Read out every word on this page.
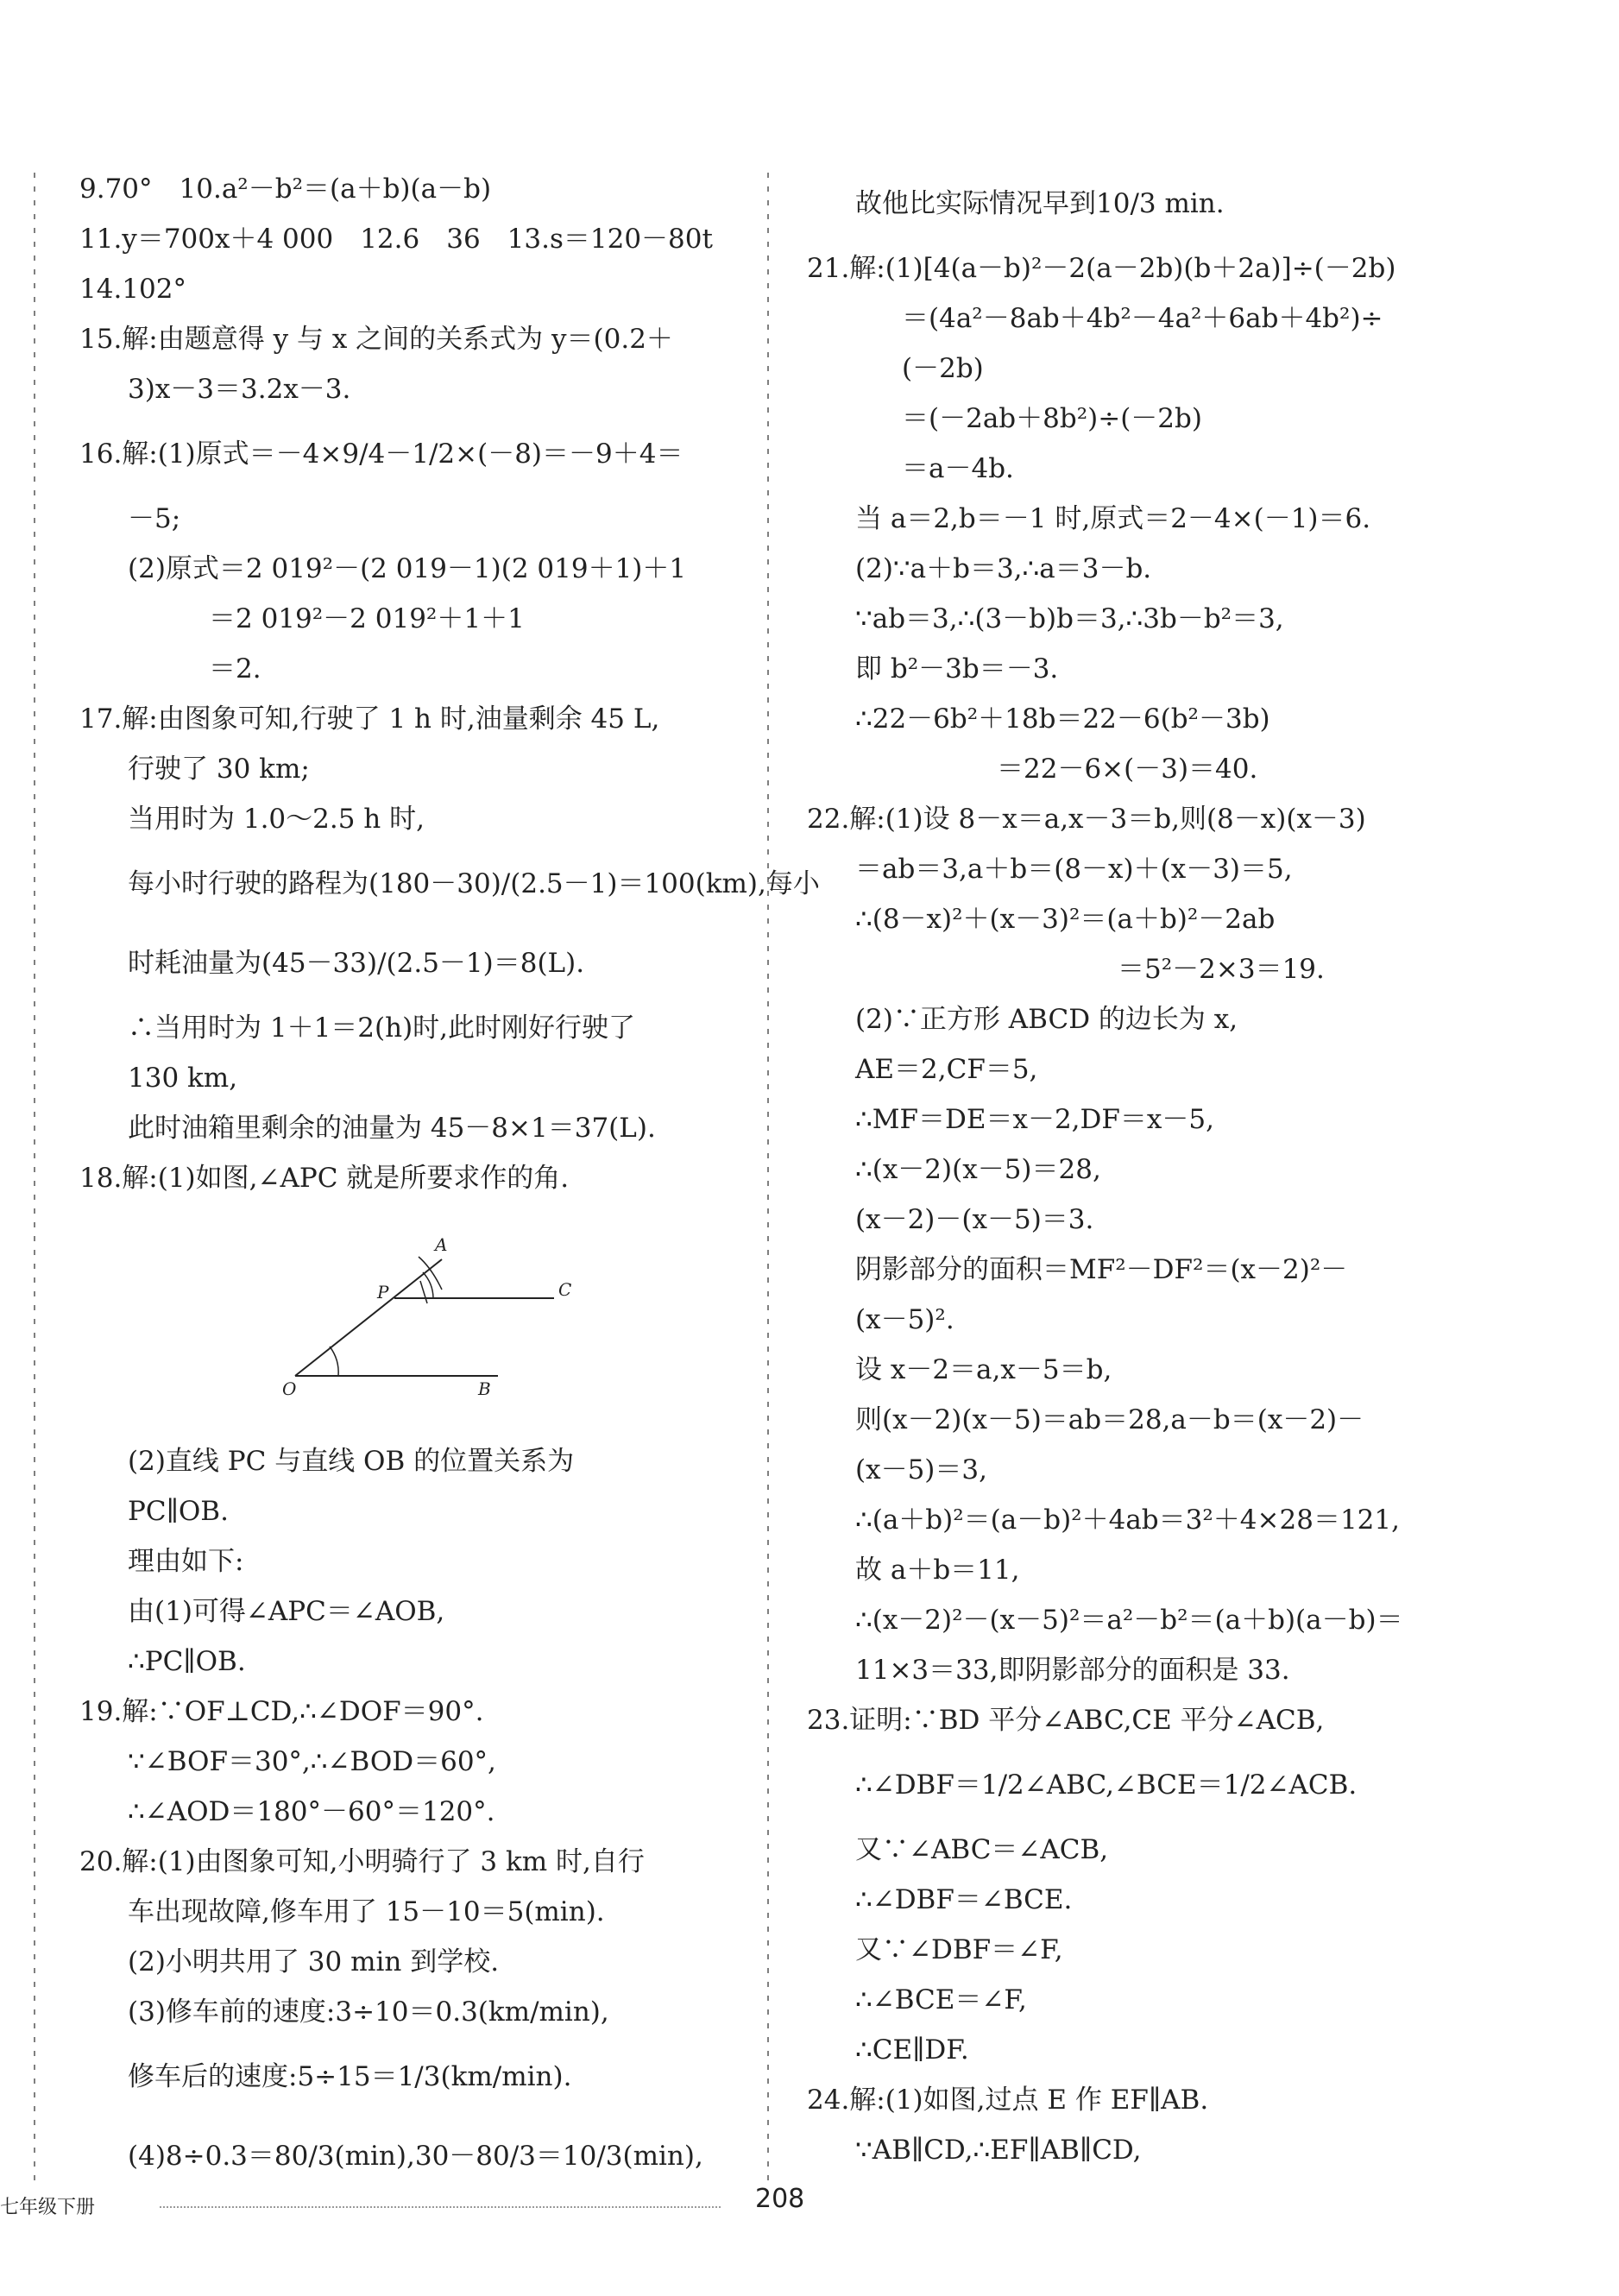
9.70°　10.a²－b²＝(a＋b)(a－b)
11.y＝700x＋4 000　12.6　36　13.s＝120－80t
14.102°
15.解:由题意得 y 与 x 之间的关系式为 y＝(0.2＋
3)x－3＝3.2x－3.
16.解:(1)原式＝－4×9/4－1/2×(－8)＝－9＋4＝
－5;
(2)原式＝2 019²－(2 019－1)(2 019＋1)＋1
＝2 019²－2 019²＋1＋1
＝2.
17.解:由图象可知,行驶了 1 h 时,油量剩余 45 L,
行驶了 30 km;
当用时为 1.0～2.5 h 时,
每小时行驶的路程为(180－30)/(2.5－1)＝100(km),每小
时耗油量为(45－33)/(2.5－1)＝8(L).
∴当用时为 1＋1＝2(h)时,此时刚好行驶了
130 km,
此时油箱里剩余的油量为 45－8×1＝37(L).
18.解:(1)如图,∠APC 就是所要求作的角.
A
P	C
O	B
(2)直线 PC 与直线 OB 的位置关系为
PC∥OB.
理由如下:
由(1)可得∠APC＝∠AOB,
∴PC∥OB.
19.解:∵OF⊥CD,∴∠DOF＝90°.
∵∠BOF＝30°,∴∠BOD＝60°,
∴∠AOD＝180°－60°＝120°.
20.解:(1)由图象可知,小明骑行了 3 km 时,自行
车出现故障,修车用了 15－10＝5(min).
(2)小明共用了 30 min 到学校.
(3)修车前的速度:3÷10＝0.3(km/min),
修车后的速度:5÷15＝1/3(km/min).
(4)8÷0.3＝80/3(min),30－80/3＝10/3(min),
故他比实际情况早到10/3 min.
21.解:(1)[4(a－b)²－2(a－2b)(b＋2a)]÷(－2b)
＝(4a²－8ab＋4b²－4a²＋6ab＋4b²)÷
(－2b)
＝(－2ab＋8b²)÷(－2b)
＝a－4b.
当 a＝2,b＝－1 时,原式＝2－4×(－1)＝6.
(2)∵a＋b＝3,∴a＝3－b.
∵ab＝3,∴(3－b)b＝3,∴3b－b²＝3,
即 b²－3b＝－3.
∴22－6b²＋18b＝22－6(b²－3b)
＝22－6×(－3)＝40.
22.解:(1)设 8－x＝a,x－3＝b,则(8－x)(x－3)
＝ab＝3,a＋b＝(8－x)＋(x－3)＝5,
∴(8－x)²＋(x－3)²＝(a＋b)²－2ab
＝5²－2×3＝19.
(2)∵正方形 ABCD 的边长为 x,
AE＝2,CF＝5,
∴MF＝DE＝x－2,DF＝x－5,
∴(x－2)(x－5)＝28,
(x－2)－(x－5)＝3.
阴影部分的面积＝MF²－DF²＝(x－2)²－
(x－5)².
设 x－2＝a,x－5＝b,
则(x－2)(x－5)＝ab＝28,a－b＝(x－2)－
(x－5)＝3,
∴(a＋b)²＝(a－b)²＋4ab＝3²＋4×28＝121,
故 a＋b＝11,
∴(x－2)²－(x－5)²＝a²－b²＝(a＋b)(a－b)＝
11×3＝33,即阴影部分的面积是 33.
23.证明:∵BD 平分∠ABC,CE 平分∠ACB,
∴∠DBF＝1/2∠ABC,∠BCE＝1/2∠ACB.
又∵∠ABC＝∠ACB,
∴∠DBF＝∠BCE.
又∵∠DBF＝∠F,
∴∠BCE＝∠F,
∴CE∥DF.
24.解:(1)如图,过点 E 作 EF∥AB.
∵AB∥CD,∴EF∥AB∥CD,
七年级下册	208
